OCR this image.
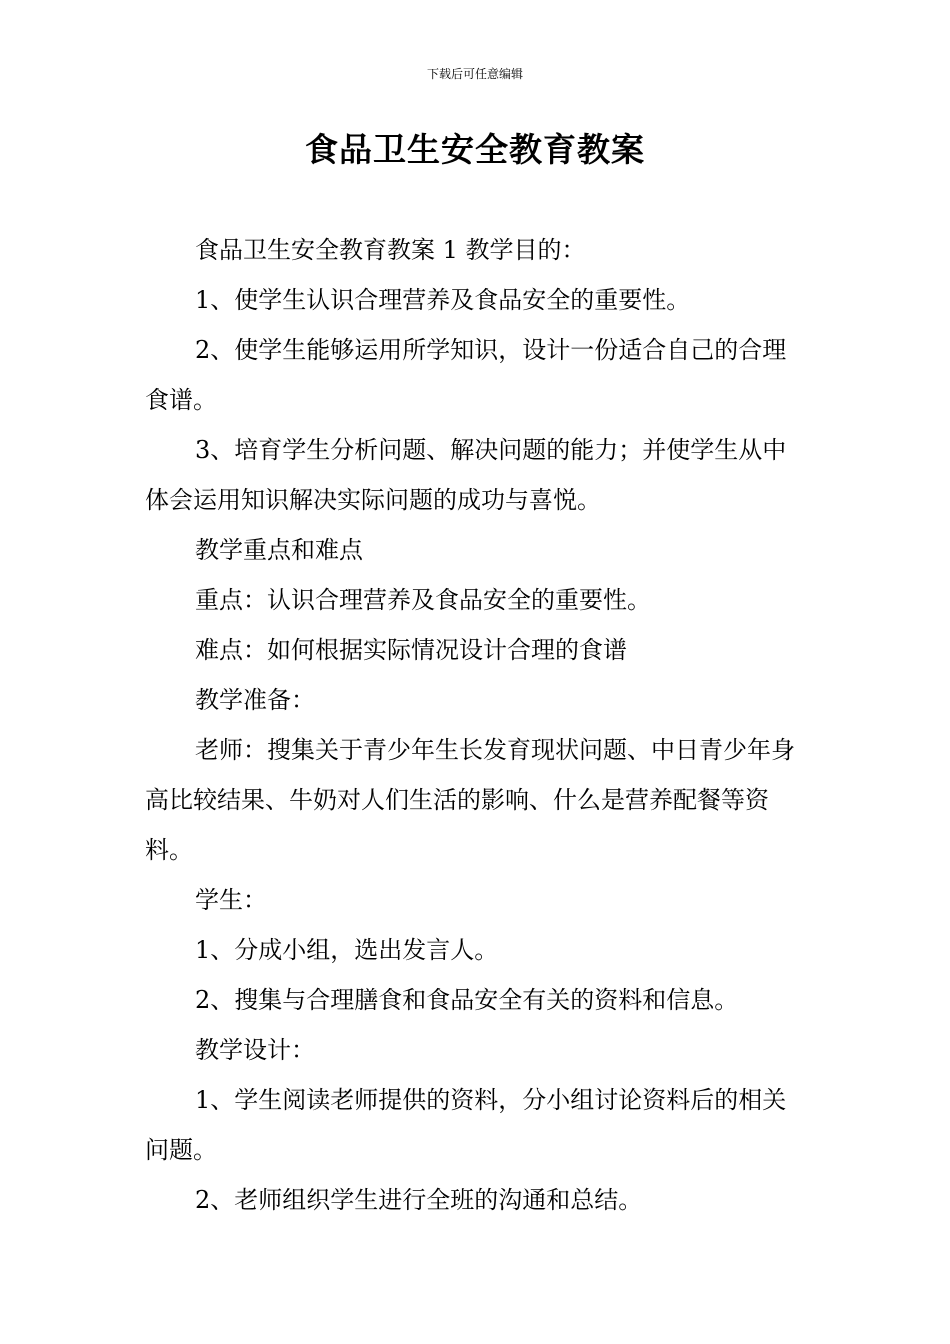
下载后可任意编辑
食品卫生安全教育教案

食品卫生安全教育教案 1 教学目的：

1、使学生认识合理营养及食品安全的重要性。

2、使学生能够运用所学知识，设计一份适合自己的合理食谱。

3、培育学生分析问题、解决问题的能力；并使学生从中体会运用知识解决实际问题的成功与喜悦。

教学重点和难点

重点：认识合理营养及食品安全的重要性。

难点：如何根据实际情况设计合理的食谱

教学准备：

老师：搜集关于青少年生长发育现状问题、中日青少年身高比较结果、牛奶对人们生活的影响、什么是营养配餐等资料。

学生：

1、分成小组，选出发言人。

2、搜集与合理膳食和食品安全有关的资料和信息。

教学设计：

1、学生阅读老师提供的资料，分小组讨论资料后的相关问题。

2、老师组织学生进行全班的沟通和总结。
